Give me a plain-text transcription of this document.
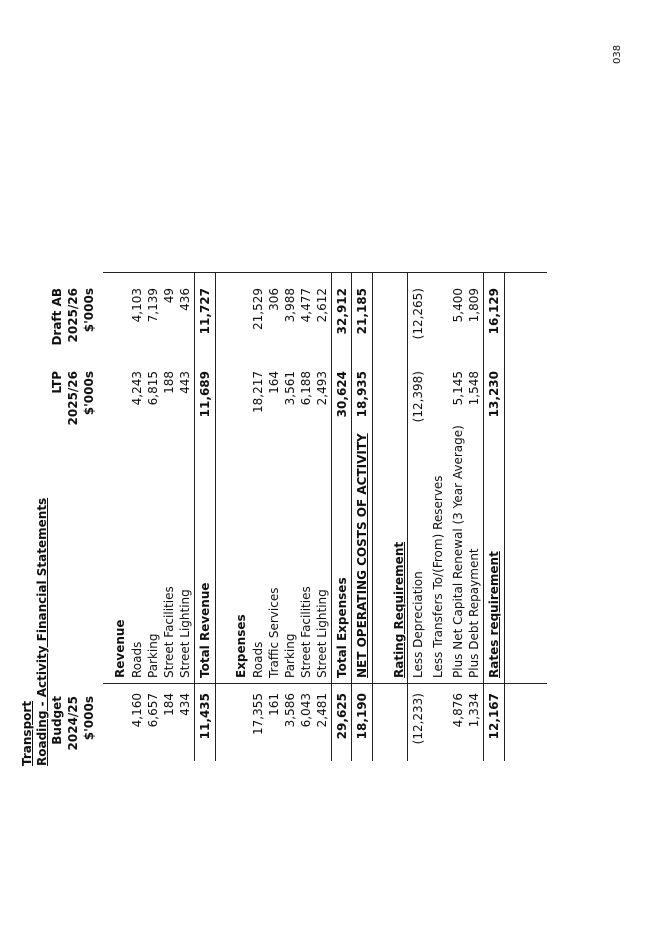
038
Transport Roading - Activity Financial Statements Budget 2024/25 $'000s
LTP 2025/26 $'000s
Draft AB 2025/26 $'000s
Revenue
4,160
Roads
4,243
4,103
6,657
Parking
6,815
7,139
184
Street Facilities
188
49
434
Street Lighting
443
436
11,435
Total Revenue
11,689
11,727
Expenses
17,355
Roads
18,217
21,529
161
Traffic Services
164
306
3,586
Parking
3,561
3,988
6,043
Street Facilities
6,188
4,477
2,481
Street Lighting
2,493
2,612
29,625
Total Expenses
30,624
32,912
18,190
NET OPERATING COSTS OF ACTIVITY
18,935
21,185
Rating Requirement
(12,233)
Less Depreciation
(12,398)
(12,265)
Less Transfers To/(From) Reserves
4,876
Plus Net Capital Renewal (3 Year Average)
5,145
5,400
1,334
Plus Debt Repayment
1,548
1,809
12,167
Rates requirement
13,230
16,129
